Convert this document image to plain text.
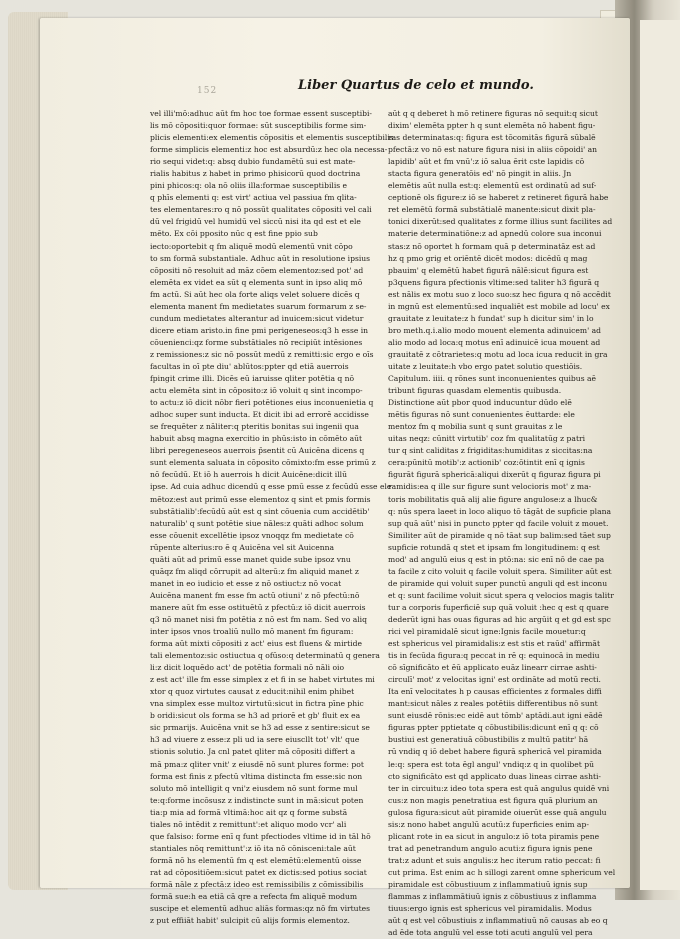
152	Liber Quartus de celo et mundo.
vel illi'mō:adhuc aūt fm hoc toe formae essent susceptibi-
lis mō cōpositi:quor formae: sūt susceptibilis forme sim-
plicis elementi:ex elementis cōpositis et elementis susceptibilis
forme simplicis elementi:z hoc est absurdū:z hec ola necessa-
rio sequi videt:q: absq dubio fundamētū sui est mate-
rialis habitus z habet in primo phisicorū quod doctrina
pini phicos:q: ola nō oliis illa:formae susceptibilis e
q phīs elementi q: est virt' actiua vel passiua fm qlita-
tes elementares:ro q nō possūt qualitates cōpositi vel cali
dū vel frigidū vel humidū vel siccū nisi ita qd est et ele
mēto. Ex cōi pposito nūc q est fine ppio sub
iecto:oportebit q fm aliquē modū elementū vnit cōpo
to sm formā substantiale. Adhuc aūt in resolutione ipsius
cōpositi nō resoluit ad māz cōem elementoz:sed pot' ad
elemēta ex videt ea sūt q elementa sunt in ipso aliq mō
fm actū. Si aūt hec ola forte aliqs velet soluere dicēs q
elementa manent fm medietates suarum formarum z se-
cundum medietates alterantur ad inuicem:sicut videtur
dicere etiam aristo.in fine pmi perigeneseos:q3 h esse in
cōuenienci:qz forme substātiales nō recipiūt intēsiones
z remissiones:z sic nō possūt medū z remitti:sic ergo e oīs
facultas in oī pte diu' ablūtos:ppter qd etiā auerrois
fpingit crime illi. Dicēs eū iaruisse qliter potētia q nō
actu elemēta sint in cōposito:z iō voluit q sint incompo-
to actu:z iō dicit nōbr fieri potētiones eius inconuenietia q
adhoc super sunt inducta. Et dicit ibi ad errorē accidisse
se frequēter z nāliter:q pteritis bonitas sui ingenii qua
habuit absq magna exercitio in phūs:isto in cōmēto aūt
libri peregeneseos auerrois p̄sentit cū Auicēna dicens q
sunt elementa saluata in cōposito cōmixto:fm esse primū z
nō fecūdū. Et iō h auerrois h dicit Auicēne:dicit illū
ipse. Ad cuia adhuc dicendū q esse pmū esse z fecūdū esse ele
mētoz:est aut primū esse elementoz q sint et pmis formis
substātialib':fecūdū aūt est q sint cōuenia cum accidētib'
naturalib' q sunt potētie siue nāles:z quāti adhoc solum
esse cōuenit excellētie ipsoz vnoqqz fm medietate cō
rūpente alterius:ro ē q Auicēna vel sit Auicenna
quāti aūt ad primū esse manet quide sube ipsoz vnu
quāqz fm aliqd cōrrupit ad alterū:z fm aliquid manet z
manet in eo iudicio et esse z nō ostiuct:z nō vocat
Auicēna manent fm esse fm actū otiuni' z nō pfectū:nō
manere aūt fm esse ostituētū z pfectū:z iō dicit auerrois
q3 nō manet nisi fm potētia z nō est fm nam. Sed vo aliq
inter ipsos vnos troaliū nullo mō manent fm figuram:
forma aūt mixti cōpositi z act' eius est fluens & mirtide
tali elementoz:sic ostiuctua q ofūso:q determinatū q genera
li:z dicit loquēdo act' de potētia formali nō nāli oio
z est act' ille fm esse simplex z et fi in se habet virtutes mi
xtor q quoz virtutes causat z educit:nihil enim phibet
vna simplex esse multoz virtutū:sicut in fictra pīne phic
b oridi:sicut ols forma se h3 ad priorē et gb' fluit ex ea
sic prmarijs. Auicēna vnit se h3 ad esse z sentire:sicut se
h3 ad viuere z esse:z pli ud ia sere eiuscllt tot' vlt' que
stionis solutio. Ja cnl patet qliter mā cōpositi differt a
mā pma:z qliter vnit' z eiusdē nō sunt plures forme: pot
forma est finis z pfectū vltima distincta fm esse:sic non
soluto mō intelligit q vni'z eiusdem nō sunt forme mul
te:q:forme incōsusz z indistincte sunt in mā:sicut poten
tia:p mia ad formā vltimā:hoc ait qz q forme substā
tiales nō intēdit z remittunt':et aliquo modo vcr' ali
que falsiso: forme enī q funt pfectiodes vltime id in tāl hō
stantiales nōq remittunt':z iō ita nō cōnisceni:tale aūt
formā nō hs elementū fm q est elemētū:elementū oisse
rat ad cōpositiōem:sicut patet ex dictis:sed potius sociat
formā nāle z pfectā:z ideo est remissibilis z cōmissibilis
formā sue:h ea etiā cā qre a refecta fm aliquē modum
suscipe et elementū adhuc aliās formas:qz nō fm virtutes
z put effiiāt habit' sulcipit cū alijs formis elementoz.
aūt q q deberet h mō retinere figuras nō sequit:q sicut
dixim' elemēta ppter h q sunt elemēta nō habent figu-
ras determinatas:q: figura est tōcomitās figurā sūbalē
pfectā:z vo nō est nature figura nisi in aliis cōpoidi' an
lapidib' aūt et fm vnū':z iō salua ērit cste lapidis cō
stacta figura generatōis ed' nō pingit in aliis. Jn
elemētis aūt nulla est:q: elementū est ordinatū ad suf-
ceptionē ols figure:z iō se haberet z retineret figurā habe
ret elemētū formā substātialē manente:sicut dixit pla-
tonici dixerūt:sed qualitates z forme illius sunt facilites ad
materie determinatiōne:z ad apnedū colore sua inconui
stas:z nō oportet h formam quā p determinatāz est ad
hz q pmo grig et oriēntē dicēt modos: dicēdū q mag
pbauim' q elemētū habet figurā nālē:sicut figura est
p3quens figura pfectionis vltime:sed taliter h3 figurā q
est nālis ex motu suo z loco suo:sz hec figura q nō accēdit
in mgnū est elementū:sed inqualiēt est mobile ad locu' ex
grauitate z leuitate:z h fundat' sup h dicitur sim' in lo
bro meth.q.i.alio modo mouent elementa adinuicem' ad
alio modo ad loca:q motus enī adinuicē icua mouent ad
grauitatē z cōtrarietes:q motu ad loca icua reducit in gra
uitate z leuitate:h vbo ergo patet solutio questiōis.
Capitulum. iiii. q rōnes sunt inconuenientes quibus aē
tribunt figuras quasdam elementis quibusda.
Distinctione aūt pbor quod inducuntur dūdo elē
mētis figuras nō sunt conuenientes ēuttarde: ele
mentoz fm q mobilia sunt q sunt grauitas z le
uitas neqz: cūnitt virtutib' coz fm qualitatūg z patri
tur q sint caliditas z frigiditas:humiditas z siccitas:na
cera:pūnitū motib':z actionib' coz:ōtintit enī q ignis
figurāt figurā sphericā:aliqui dixerūt q figuraz figura pi
ramidis:ea q ille sur figure sunt velocioris mot' z ma-
toris mobilitatis quā alij alie figure angulose:z a lhuc&
q: nūs spera laeet in loco aliquo tō tāgāt de supficie plana
sup quā aūt' nisi in puncto ppter qd facile voluit z mouet.
Similiter aūt de piramide q nō tāat sup balim:sed tāet sup
supficie rotundā q stet et ipsam fm longitudinem: q est
mod' ad angulū eius q est in ptō:na: sic enī nō de cae pa
ta facile z cito voluit q facile voluit spera. Similiter aūt est
de piramide qui voluit super punctū anguli qd est inconu
et q: sunt facilime voluit sicut spera q velocios magis talitr
tur a corporis fuperficiē sup quā voluit :hec q est q quare
dederūt igni has ouas figuras ad hic argūit q et gd est spc
rici vel piramidalē sicut igne:Ignis facile mouetur:q
est sphericus vel piramidalis:z est stis et raūd' affirmāt
tis in fecūda figura:q peccat in rē q: equinocā in mediu
cō sīgnificāto et ēū applicato euāz linearr cirrae ashti-
circulī' mot' z velocitas igni' est ordināte ad motū recti.
Ita enī velocitates h p causas efficientes z formales diffi
mant:sicut nāles z reales potētiis differentibus nō sunt
sunt eiusdē rōnis:ec eidē aut tōmb' aptādi.aut igni eādē
figuras ppter pptietate q cōbustibilis:dicunt enī q q: cō
bustiui est generatiuā cōbustibilis z multū patitr' hā
rū vndiq q iō debet habere figurā sphericā vel piramida
le:q: spera est tota ēgl angul' vndiq:z q in quolibet pū
cto significāto est qd applicato duas lineas cirrae ashti-
ter in circuitu:z ideo tota spera est quā angulus quidē vni
cus:z non magis penetratiua est figura quā plurium an
gulosa figura:sicut aūt piramide oiuerūt esse quā angulu
sis:z nono habet angulū acutū:z fuperficies enim ap-
plicant rote in ea sicut in angulo:z iō tota piramis pene
trat ad penetrandum angulo acuti:z figura ignis pene
trat:z adunt et suis angulis:z hec iterum ratio peccat: fi
cut prima. Est enim ac h sillogi zarent omne sphericum vel
piramidale est cōbustiuum z inflammatiuū ignis sup
flammas z inflammātiuū ignis z cōbustiuus z inflamma
tiuus:ergo ignis est sphericus vel piramidalis. Modus
aūt q est vel cōbustiuis z inflammatiuū nō causas ab eo q
ad ēde tota angulū vel esse toti acuti angulū vel pera
